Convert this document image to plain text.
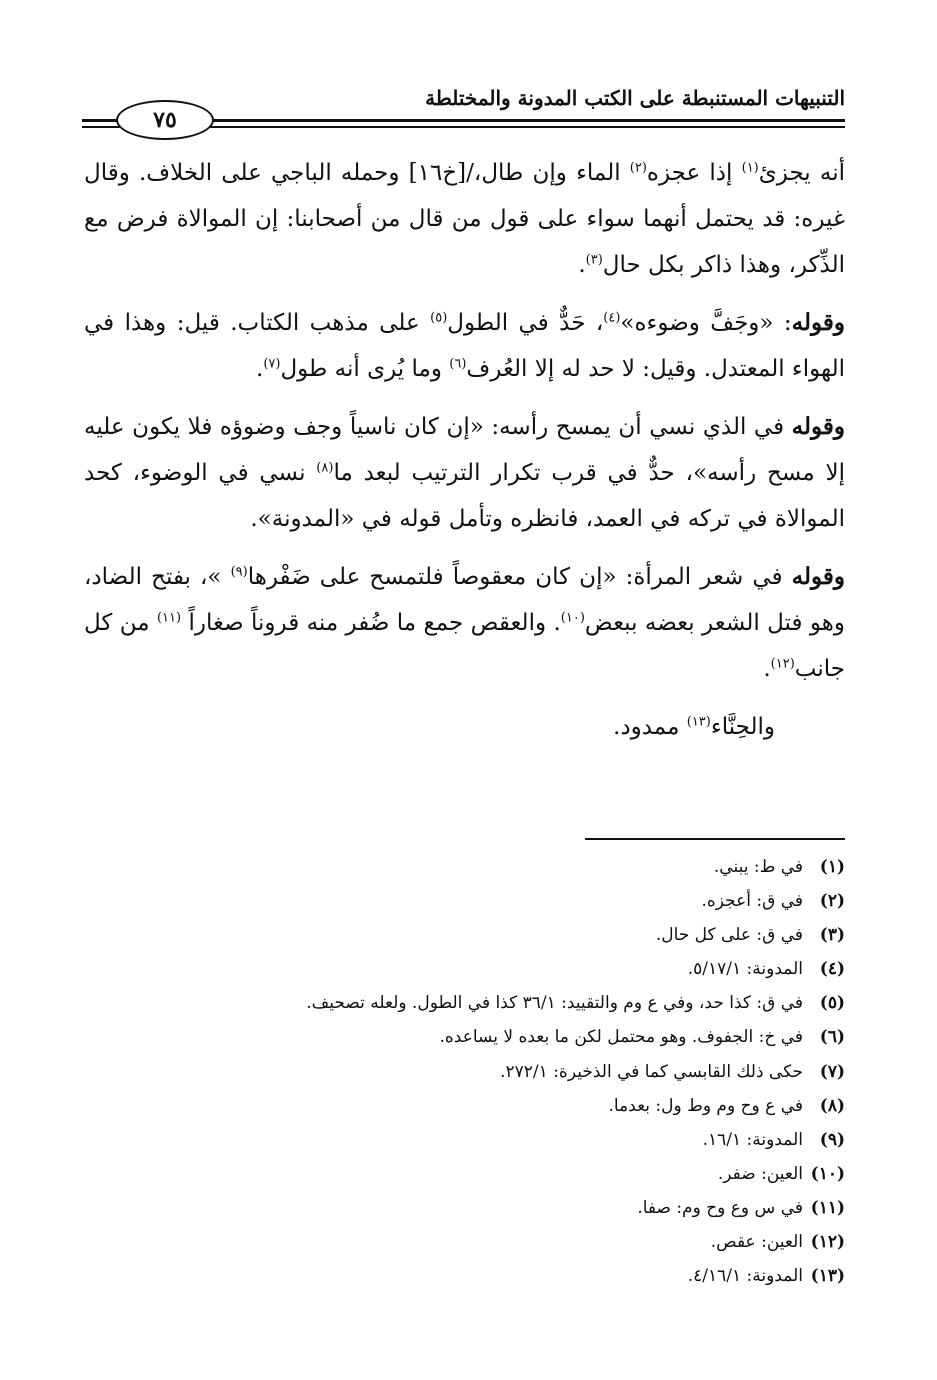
التنبيهات المستنبطة على الكتب المدونة والمختلطة
٧٥

أنه يجزئ$^{(١)}$ إذا عجزه$^{(٢)}$ الماء وإن طال،/[خ١٦] وحمله الباجي على الخلاف. وقال غيره: قد يحتمل أنهما سواء على قول من قال من أصحابنا: إن الموالاة فرض مع الذِّكر، وهذا ذاكر بكل حال$^{(٣)}$.

وقوله: «وجَفَّ وضوءه»$^{(٤)}$، حَدٌّ في الطول$^{(٥)}$ على مذهب الكتاب. قيل: وهذا في الهواء المعتدل. وقيل: لا حد له إلا العُرف$^{(٦)}$ وما يُرى أنه طول$^{(٧)}$.

وقوله في الذي نسي أن يمسح رأسه: «إن كان ناسياً وجف وضوؤه فلا يكون عليه إلا مسح رأسه»، حدٌّ في قرب تكرار الترتيب لبعد ما$^{(٨)}$ نسي في الوضوء، كحد الموالاة في تركه في العمد، فانظره وتأمل قوله في «المدونة».

وقوله في شعر المرأة: «إن كان معقوصاً فلتمسح على ضَفْرها$^{(٩)}$ »، بفتح الضاد، وهو فتل الشعر بعضه ببعض$^{(١٠)}$. والعقص جمع ما ضُفر منه قروناً صغاراً $^{(١١)}$ من كل جانب$^{(١٢)}$.

والحِنَّاء$^{(١٣)}$ ممدود.

(١)
في ط: يبني.
(٢)
في ق: أعجزه.
(٣)
في ق: على كل حال.
(٤)
المدونة: ٥/١٧/١.
(٥)
في ق: كذا حد، وفي ع وم والتقييد: ٣٦/١ كذا في الطول. ولعله تصحيف.
(٦)
في خ: الجفوف. وهو محتمل لكن ما بعده لا يساعده.
(٧)
حكى ذلك القابسي كما في الذخيرة: ٢٧٢/١.
(٨)
في ع وح وم وط ول: بعدما.
(٩)
المدونة: ١٦/١.
(١٠)
العين: ضفر.
(١١)
في س وع وح وم: صفا.
(١٢)
العين: عقص.
(١٣)
المدونة: ٤/١٦/١.
